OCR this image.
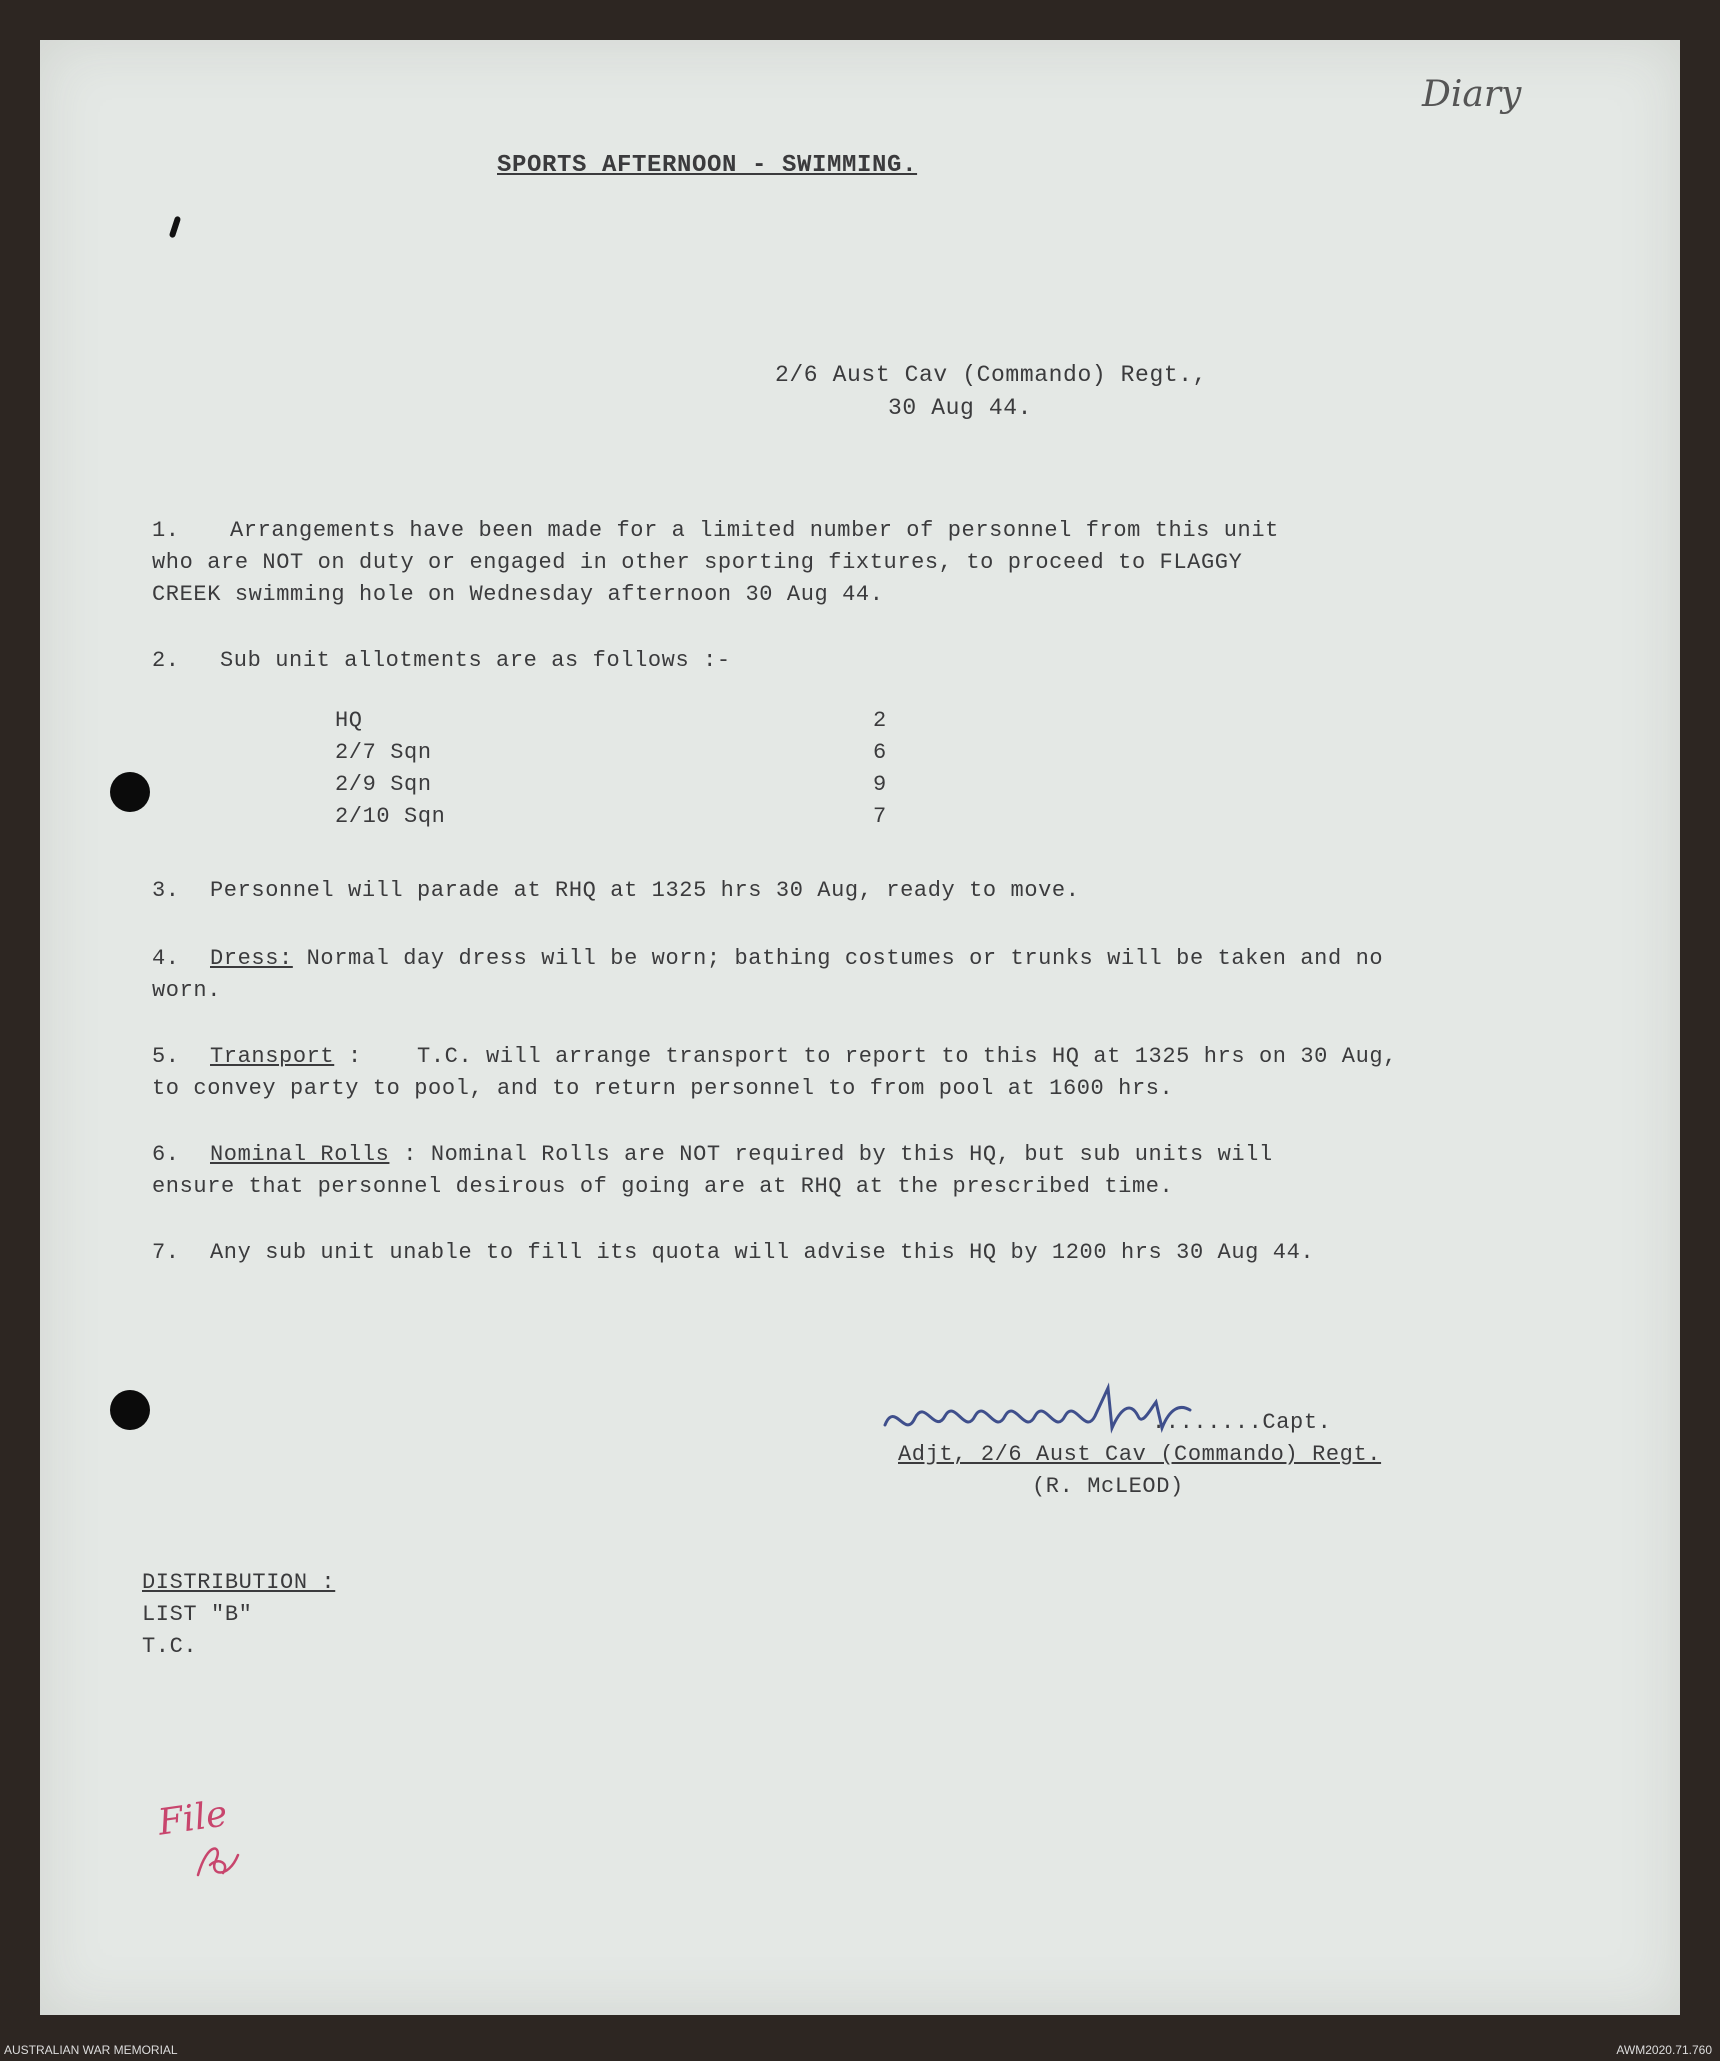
Diary
SPORTS AFTERNOON - SWIMMING.
2/6 Aust Cav (Commando) Regt.,
30 Aug 44.
1. Arrangements have been made for a limited number of personnel from this unit
who are NOT on duty or engaged in other sporting fixtures, to proceed to FLAGGY
CREEK swimming hole on Wednesday afternoon 30 Aug 44.
2. Sub unit allotments are as follows :-
HQ	2
2/7 Sqn	6
2/9 Sqn	9
2/10 Sqn	7
3. Personnel will parade at RHQ at 1325 hrs 30 Aug, ready to move.
4. Dress: Normal day dress will be worn; bathing costumes or trunks will be taken and no
worn.
5. Transport :    T.C. will arrange transport to report to this HQ at 1325 hrs on 30 Aug,
to convey party to pool, and to return personnel to from pool at 1600 hrs.
6. Nominal Rolls : Nominal Rolls are NOT required by this HQ, but sub units will
ensure that personnel desirous of going are at RHQ at the prescribed time.
7. Any sub unit unable to fill its quota will advise this HQ by 1200 hrs 30 Aug 44.
........Capt.
Adjt, 2/6 Aust Cav (Commando) Regt.
(R. McLEOD)
DISTRIBUTION :
LIST "B"
T.C.
File
AUSTRALIAN WAR MEMORIAL	AWM2020.71.760
